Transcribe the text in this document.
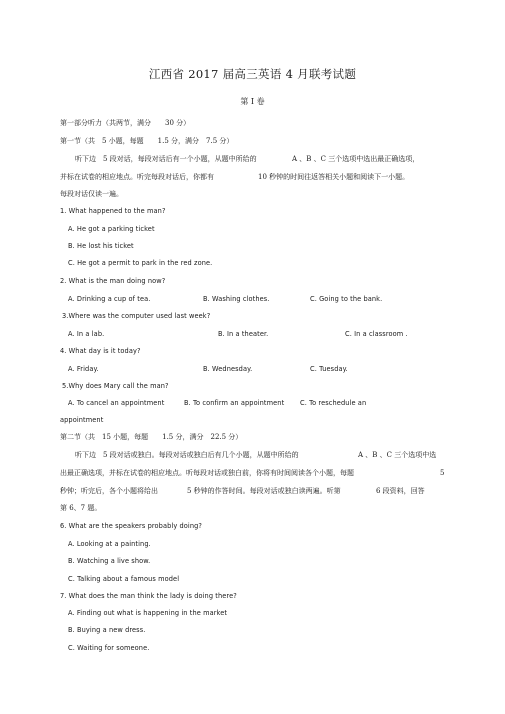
江西省 2017 届高三英语 4 月联考试题
第 I 卷
第一部分听力（共两节，满分　　30 分）
第一节（共　5 小题，每题　　1.5 分，满分　7.5 分）
听下边　5 段对话，每段对话后有一个小题，从题中所给的	A 、B 、C 三个选项中选出最正确选项，
并标在试卷的相应地点。听完每段对话后，你都有	10 秒钟的时间往返答相关小题和阅读下一小题。
每段对话仅读一遍。
1. What happened to the man?
A. He got a parking ticket
B. He lost his ticket
C. He got a permit to park in the red zone.
2. What is the man doing now?
A. Drinking a cup of tea.	B. Washing clothes.	C. Going to the bank.
3.Where was the computer used last week?
A. In a lab.	B. In a theater.	C. In a classroom .
4. What day is it today?
A. Friday.	B. Wednesday.	C. Tuesday.
5.Why does Mary call the man?
A. To cancel an appointment	B. To confirm an appointment C. To reschedule an
appointment
第二节（共　15 小题，每题　　1.5 分，满分　22.5 分）
听下边　5 段对话或独白。每段对话或独白后有几个小题，从题中所给的	A 、B 、C 三个选项中选
出最正确选项，并标在试卷的相应地点。听每段对话或独白前，你将有时间阅读各个小题，每题	5
秒钟；听完后，各个小题将给出	5 秒钟的作答时间。每段对话或独白读两遍。听第	6 段资料，回答
第 6、7 题。
6. What are the speakers probably doing?
A. Looking at a painting.
B. Watching a live show.
C. Talking about a famous model
7. What does the man think the lady is doing there?
A. Finding out what is happening in the market
B. Buying a new dress.
C. Waiting for someone.
